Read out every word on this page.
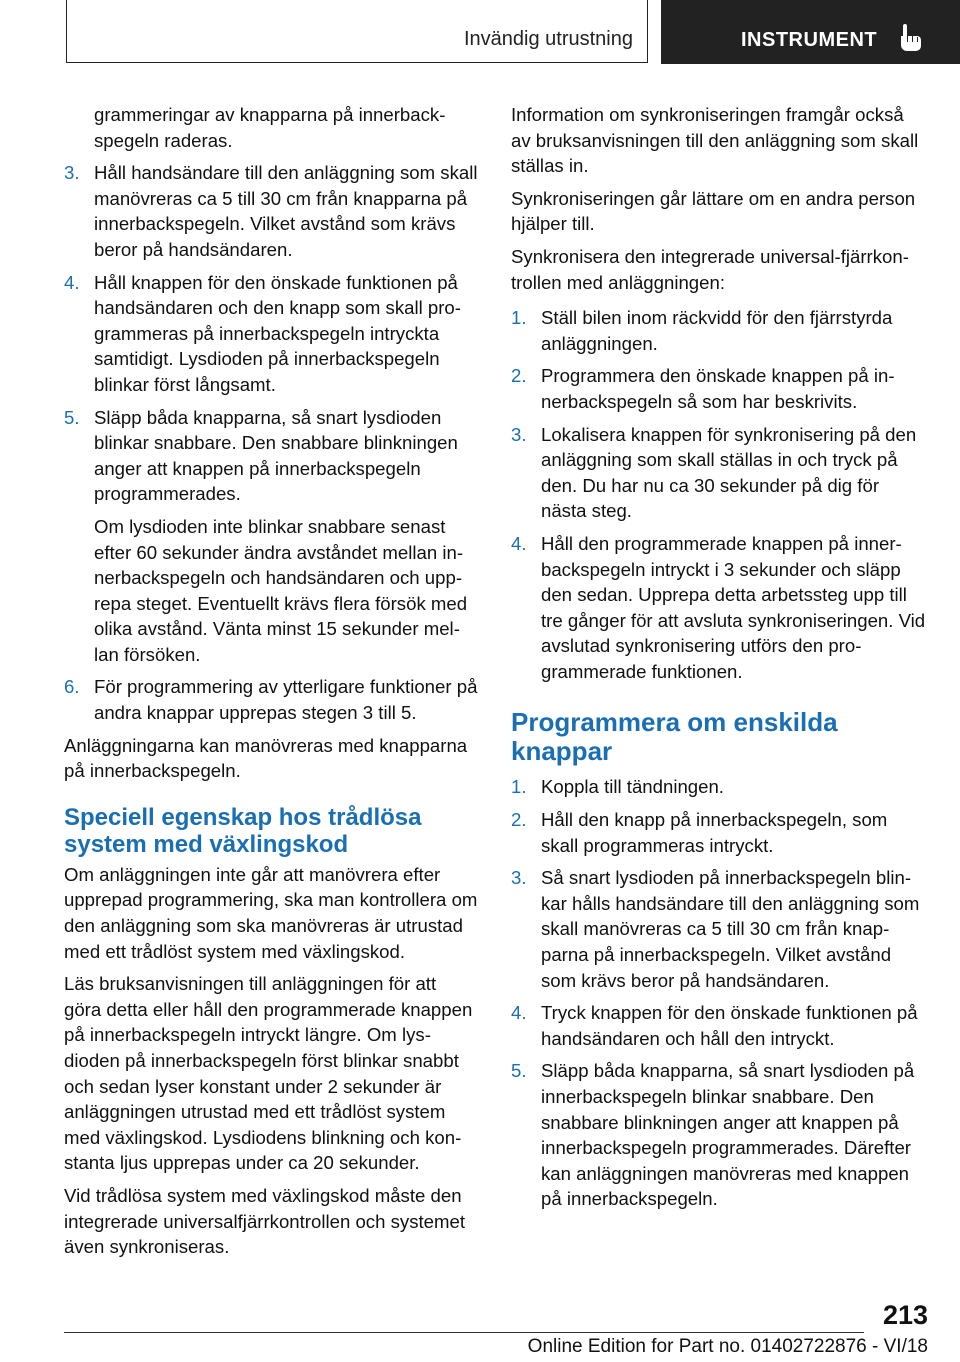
Invändig utrustning	INSTRUMENT

grammeringar av knapparna på innerbackspegeln raderas.

3. Håll handsändare till den anläggning som skall manövreras ca 5 till 30 cm från knapparna på innerbackspegeln. Vilket avstånd som krävs beror på handsändaren.
4. Håll knappen för den önskade funktionen på handsändaren och den knapp som skall programmeras på innerbackspegeln intryckta samtidigt. Lysdioden på innerbackspegeln blinkar först långsamt.
5. Släpp båda knapparna, så snart lysdioden blinkar snabbare. Den snabbare blinkningen anger att knappen på innerbackspegeln programmerades.
Om lysdioden inte blinkar snabbare senast efter 60 sekunder ändra avståndet mellan innerbackspegeln och handsändaren och upprepa steget. Eventuellt krävs flera försök med olika avstånd. Vänta minst 15 sekunder mellan försöken.
6. För programmering av ytterligare funktioner på andra knappar upprepas stegen 3 till 5.

Anläggningarna kan manövreras med knapparna på innerbackspegeln.

Speciell egenskap hos trådlösa system med växlingskod

Om anläggningen inte går att manövrera efter upprepad programmering, ska man kontrollera om den anläggning som ska manövreras är utrustad med ett trådlöst system med växlingskod.

Läs bruksanvisningen till anläggningen för att göra detta eller håll den programmerade knappen på innerbackspegeln intryckt längre. Om lysdioden på innerbackspegeln först blinkar snabbt och sedan lyser konstant under 2 sekunder är anläggningen utrustad med ett trådlöst system med växlingskod. Lysdiodens blinkning och konstanta ljus upprepas under ca 20 sekunder.

Vid trådlösa system med växlingskod måste den integrerade universalfjärrkontrollen och systemet även synkroniseras.

Information om synkroniseringen framgår också av bruksanvisningen till den anläggning som skall ställas in.

Synkroniseringen går lättare om en andra person hjälper till.

Synkronisera den integrerade universal-fjärrkontrollen med anläggningen:

1. Ställ bilen inom räckvidd för den fjärrstyrda anläggningen.
2. Programmera den önskade knappen på innerbackspegeln så som har beskrivits.
3. Lokalisera knappen för synkronisering på den anläggning som skall ställas in och tryck på den. Du har nu ca 30 sekunder på dig för nästa steg.
4. Håll den programmerade knappen på innerbackspegeln intryckt i 3 sekunder och släpp den sedan. Upprepa detta arbetssteg upp till tre gånger för att avsluta synkroniseringen. Vid avslutad synkronisering utförs den programmerade funktionen.
Programmera om enskilda knappar
1. Koppla till tändningen.
2. Håll den knapp på innerbackspegeln, som skall programmeras intryckt.
3. Så snart lysdioden på innerbackspegeln blinkar hålls handsändare till den anläggning som skall manövreras ca 5 till 30 cm från knapparna på innerbackspegeln. Vilket avstånd som krävs beror på handsändaren.
4. Tryck knappen för den önskade funktionen på handsändaren och håll den intryckt.
5. Släpp båda knapparna, så snart lysdioden på innerbackspegeln blinkar snabbare. Den snabbare blinkningen anger att knappen på innerbackspegeln programmerades. Därefter kan anläggningen manövreras med knappen på innerbackspegeln.
213
Online Edition for Part no. 01402722876 - VI/18
